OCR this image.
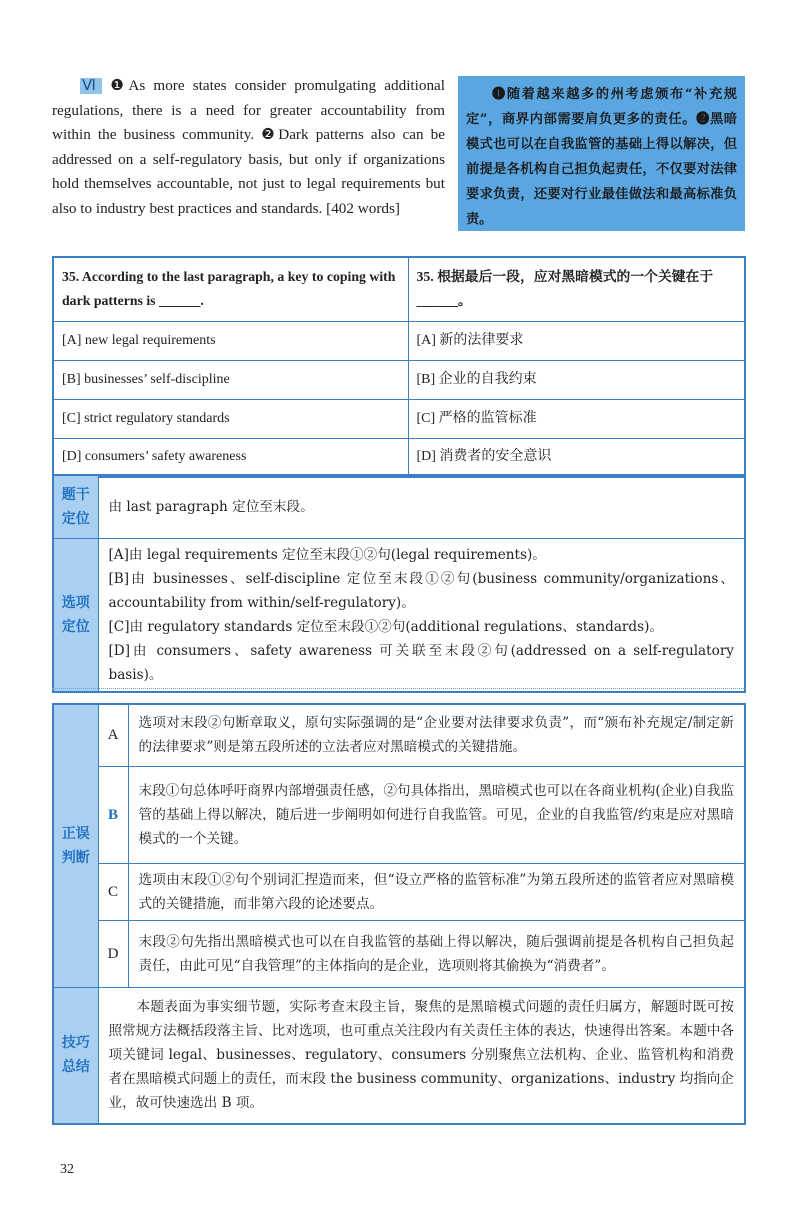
Ⅵ ❶As more states consider promulgating additional regulations, there is a need for greater accountability from within the business community. ❷Dark patterns also can be addressed on a self-regulatory basis, but only if organizations hold themselves accountable, not just to legal requirements but also to industry best practices and standards. [402 words]
❶随着越来越多的州考虑颁布“补充规定”，商界内部需要肩负更多的责任。❷黑暗模式也可以在自我监管的基础上得以解决，但前提是各机构自己担负起责任，不仅要对法律要求负责，还要对行业最佳做法和最高标准负责。
35. According to the last paragraph, a key to coping with dark patterns is ______.	35. 根据最后一段，应对黑暗模式的一个关键在于______。
[A] new legal requirements	[A] 新的法律要求
[B] businesses’ self-discipline	[B] 企业的自我约束
[C] strict regulatory standards	[C] 严格的监管标准
[D] consumers’ safety awareness	[D] 消费者的安全意识
题干定位	由 last paragraph 定位至末段。
选项定位	[A]由 legal requirements 定位至末段①②句(legal requirements)。
[B]由 businesses、self-discipline 定位至末段①②句(business community/organizations、accountability from within/self-regulatory)。
[C]由 regulatory standards 定位至末段①②句(additional regulations、standards)。
[D]由 consumers、safety awareness 可关联至末段②句(addressed on a self-regulatory basis)。
正误判断	A	选项对末段②句断章取义，原句实际强调的是“企业要对法律要求负责”，而“颁布补充规定/制定新的法律要求”则是第五段所述的立法者应对黑暗模式的关键措施。
	B	末段①句总体呼吁商界内部增强责任感，②句具体指出，黑暗模式也可以在各商业机构(企业)自我监管的基础上得以解决，随后进一步阐明如何进行自我监管。可见，企业的自我监管/约束是应对黑暗模式的一个关键。
	C	选项由末段①②句个别词汇捏造而来，但“设立严格的监管标准”为第五段所述的监管者应对黑暗模式的关键措施，而非第六段的论述要点。
	D	末段②句先指出黑暗模式也可以在自我监管的基础上得以解决，随后强调前提是各机构自己担负起责任，由此可见“自我管理”的主体指向的是企业，选项则将其偷换为“消费者”。
技巧总结	本题表面为事实细节题，实际考查末段主旨，聚焦的是黑暗模式问题的责任归属方，解题时既可按照常规方法概括段落主旨、比对选项，也可重点关注段内有关责任主体的表达，快速得出答案。本题中各项关键词 legal、businesses、regulatory、consumers 分别聚焦立法机构、企业、监管机构和消费者在黑暗模式问题上的责任，而末段 the business community、organizations、industry 均指向企业，故可快速选出 B 项。	
32
